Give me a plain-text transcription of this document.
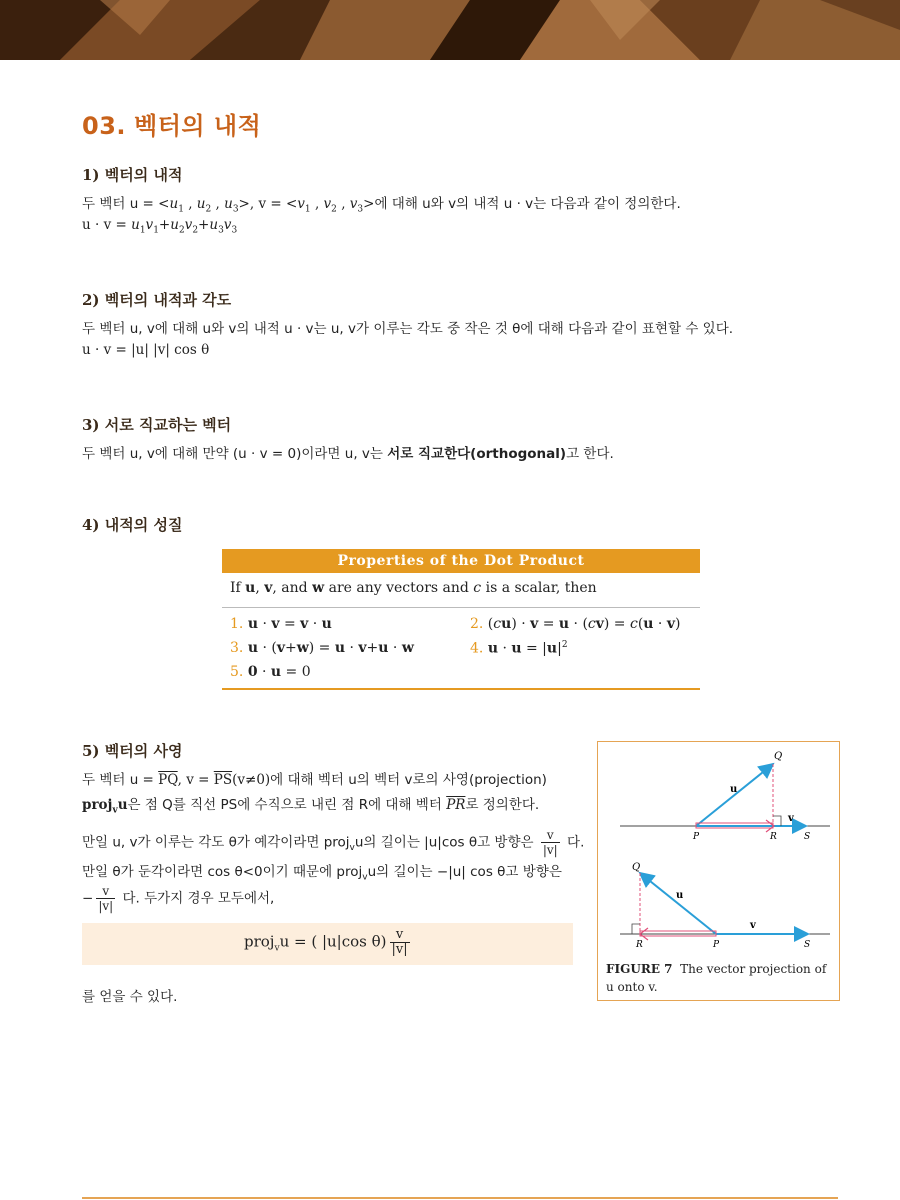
03. 벡터의 내적
1) 벡터의 내적
두 벡터 $u = <u_1$ , $u_2$ , $u_3>$, $v = <v_1$ , $v_2$ , $v_3>$에 대해 u와 v의 내적 u · v는 다음과 같이 정의한다.
$u \cdot v = u_1v_1+u_2v_2+u_3v_3$
2) 벡터의 내적과 각도
두 벡터 u, v에 대해 u와 v의 내적 u · v는 u, v가 이루는 각도 중 작은 것 θ에 대해 다음과 같이 표현할 수 있다.
u · v = |u| |v| cos θ
3) 서로 직교하는 벡터
두 벡터 u, v에 대해 만약 (u · v = 0)이라면 u, v는 서로 직교한다(orthogonal)고 한다.
4) 내적의 성질
Properties of the Dot Product
If u, v, and w are any vectors and c is a scalar, then
1. u · v = v · u	2. (cu) · v = u · (cv) = c(u · v)
3. u · (v+w) = u · v+u · w	4. $u \cdot u = |u|^2$
5. 0 · u = 0
5) 벡터의 사영
두 벡터 $u = \overline{PQ}$, $v = \overline{PS}(v\ne 0)$에 대해 벡터 u의 벡터 v로의 사영(projection)
proj$_v$u은 점 Q를 직선 PS에 수직으로 내린 점 R에 대해 벡터 $\overline{PR}$로 정의한다.
만일 u, v가 이루는 각도 θ가 예각이라면 proj$_v$u의 길이는 |u|cos θ고 방향은 $\frac{v}{|v|}$ 다.
만일 θ가 둔각이라면 cos θ<0이기 때문에 proj$_v$u의 길이는 −|u| cos θ고 방향은
− $\frac{v}{|v|}$ 다. 두가지 경우 모두에서,
proj$_v$u = ( |u|cos $\theta) \frac{v}{|v|}$
를 얻을 수 있다.
Q
u
v
P	R	S
Q
u
v
R	P	S
FIGURE 7 The vector projection of u onto v.
